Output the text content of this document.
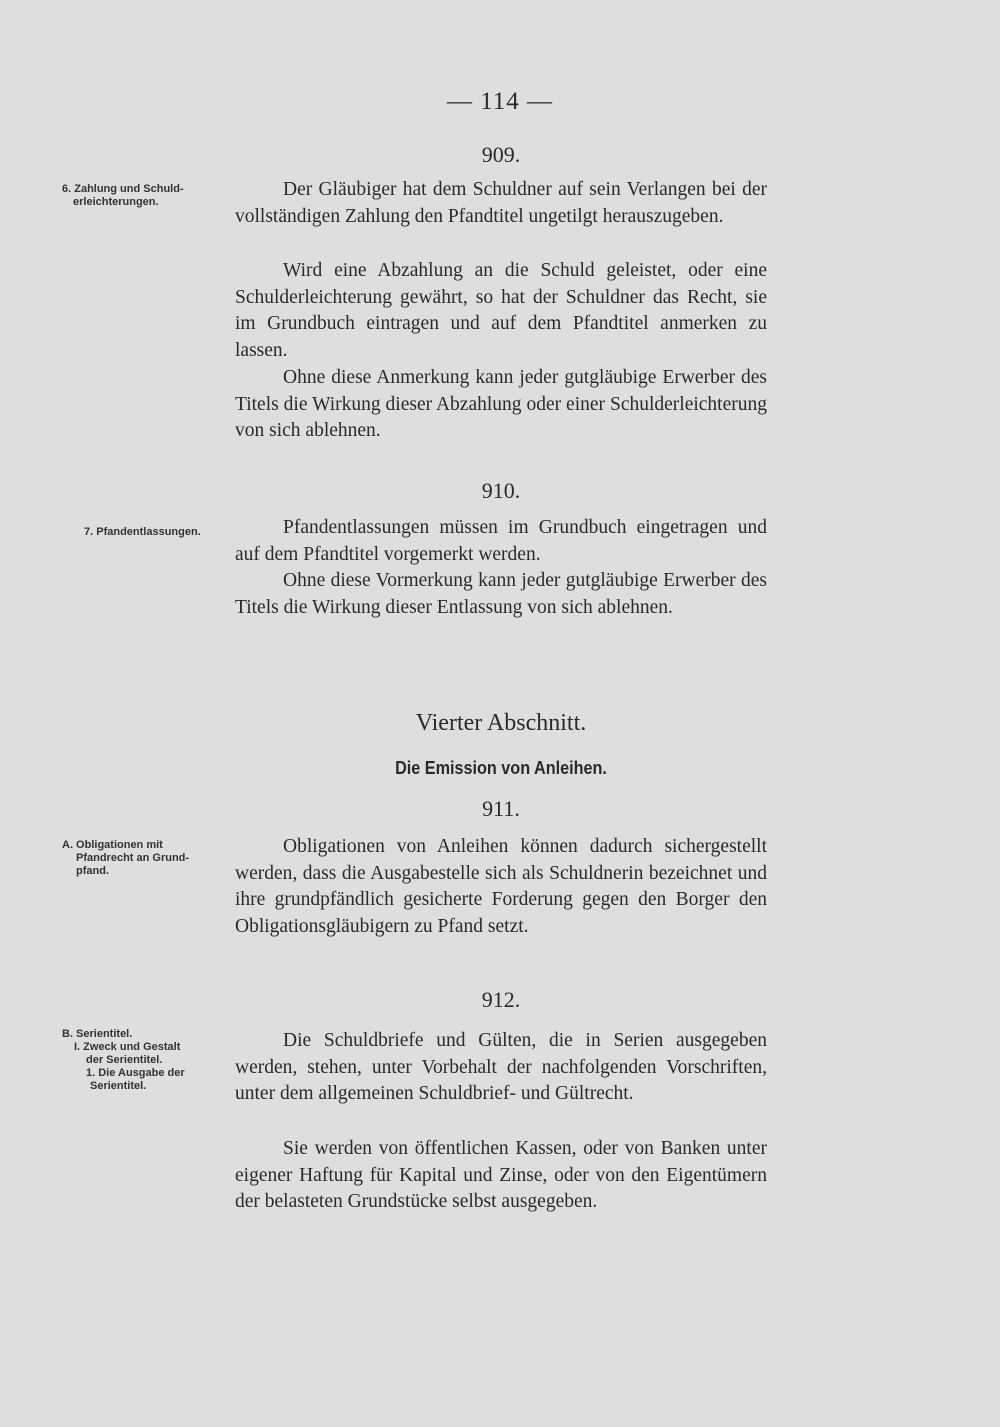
— 114 —
909.
6. Zahlung und Schuld-
erleichterungen.

Der Gläubiger hat dem Schuldner auf sein Verlangen bei der vollständigen Zahlung den Pfandtitel ungetilgt herauszugeben.

Wird eine Abzahlung an die Schuld geleistet, oder eine Schulderleichterung gewährt, so hat der Schuldner das Recht, sie im Grundbuch eintragen und auf dem Pfandtitel anmerken zu lassen.

Ohne diese Anmerkung kann jeder gutgläubige Erwerber des Titels die Wirkung dieser Abzahlung oder einer Schulderleichterung von sich ablehnen.

910.
7. Pfandentlassungen.	Pfandentlassungen müssen im Grundbuch eingetragen und auf dem Pfandtitel vorgemerkt werden.

Ohne diese Vormerkung kann jeder gutgläubige Erwerber des Titels die Wirkung dieser Entlassung von sich ablehnen.

Vierter Abschnitt.
Die Emission von Anleihen.
911.
A. Obligationen mit
Pfandrecht an Grund-
pfand.

Obligationen von Anleihen können dadurch sichergestellt werden, dass die Ausgabestelle sich als Schuldnerin bezeichnet und ihre grundpfändlich gesicherte Forderung gegen den Borger den Obligationsgläubigern zu Pfand setzt.

912.
B. Serientitel.
I. Zweck und Gestalt
der Serientitel.
1. Die Ausgabe der
Serientitel.

Die Schuldbriefe und Gülten, die in Serien ausgegeben werden, stehen, unter Vorbehalt der nachfolgenden Vorschriften, unter dem allgemeinen Schuldbrief- und Gültrecht.

Sie werden von öffentlichen Kassen, oder von Banken unter eigener Haftung für Kapital und Zinse, oder von den Eigentümern der belasteten Grundstücke selbst ausgegeben.
